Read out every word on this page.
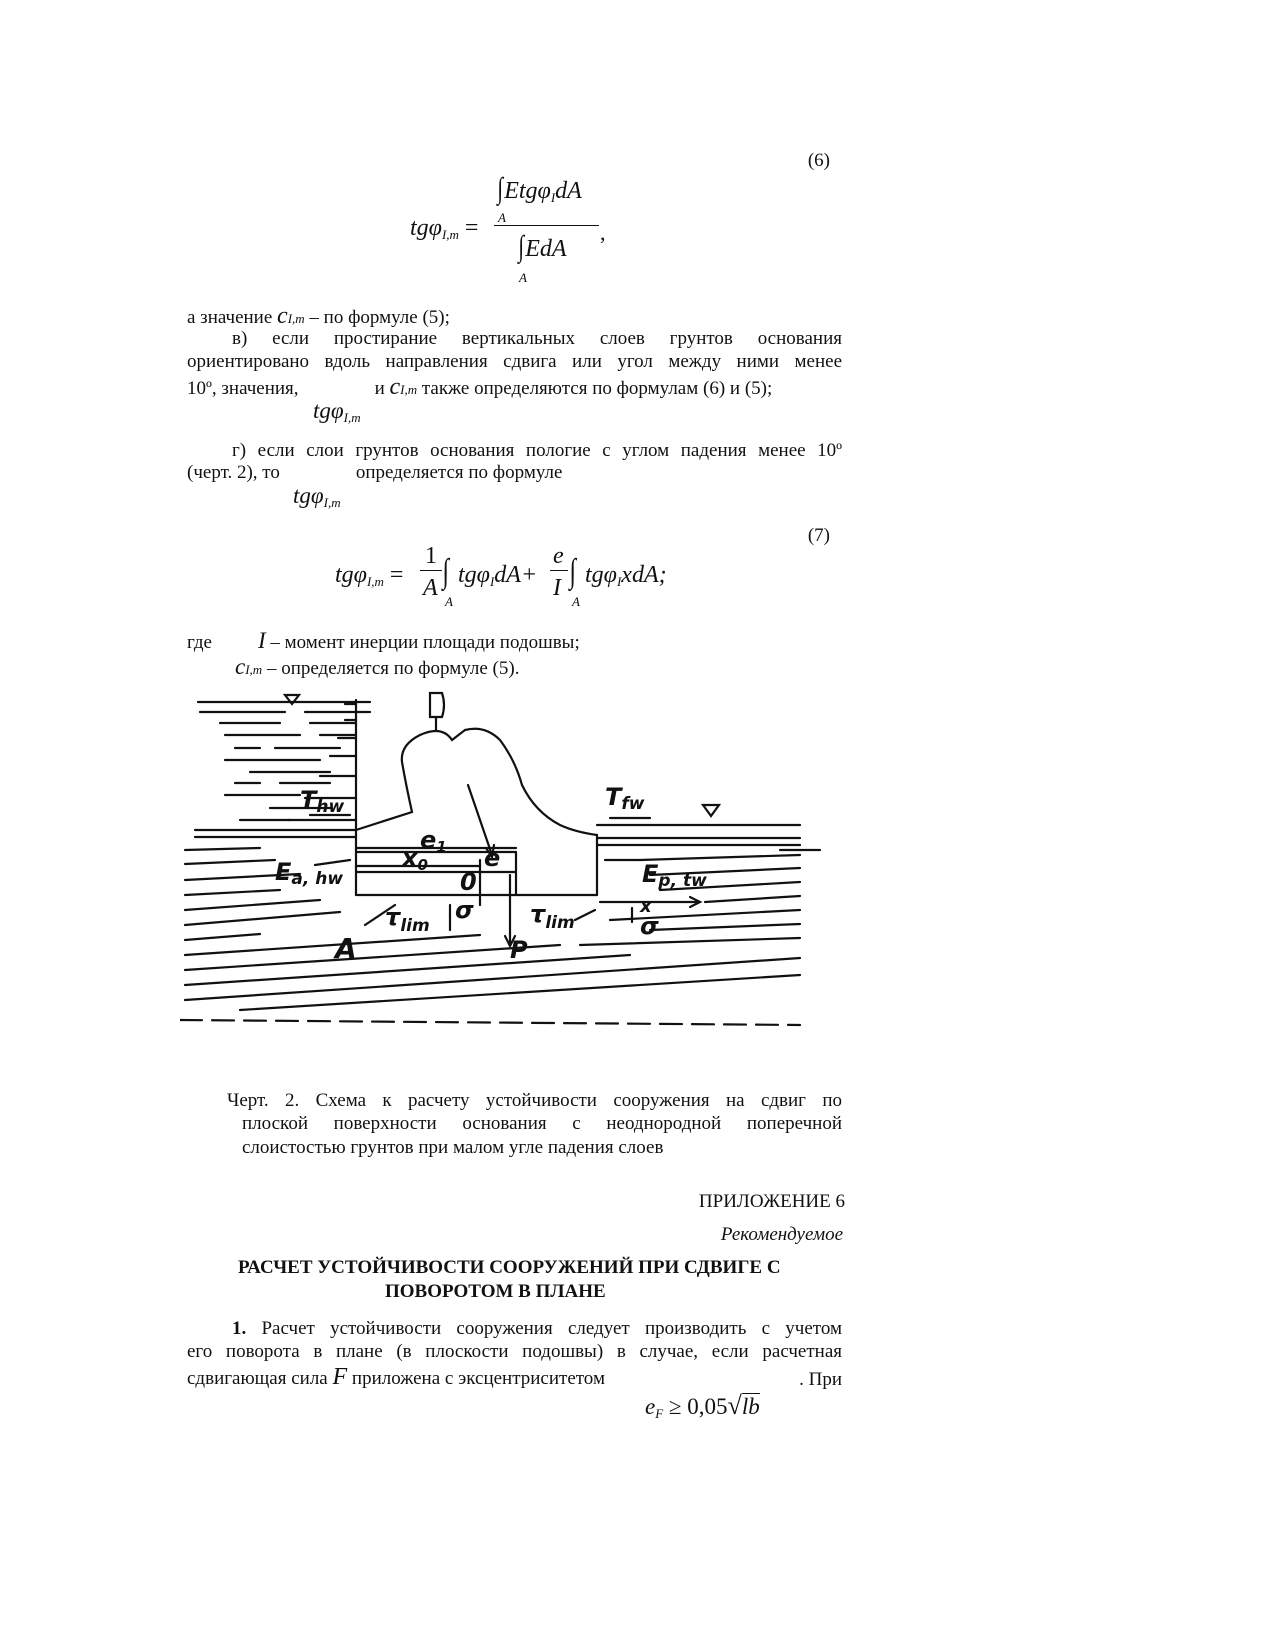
(6)
tgφ$_{I,m}$ =
∫Etgφ$_I$dA
A
,
∫EdA
A
а значение cI,m – по формуле (5);
в) если простирание вертикальных слоев грунтов основания
ориентировано вдоль направления сдвига или угол между ними менее
10º, значения,	и cI,m также определяются по формулам (6) и (5);
tgφ$_{I,m}$
г) если слои грунтов основания пологие с углом падения менее 10º
(черт. 2), то	определяется по формуле
tgφ$_{I,m}$
(7)
tgφ$_{I,m}$ =
1
A ∫
A
tgφ$_I$dA+
e
I ∫
A
tgφ$_I$xdA;
где I – момент инерции площади подошвы;
cI,m – определяется по формуле (5).
Thw	Tfw
e1
x0 e
0
Ea, hw	Ep, tw
$\tau_{lim}$
σ $\tau_{lim}$	σ
x
A	P
Черт. 2. Схема к расчету устойчивости сооружения на сдвиг по
плоской поверхности основания с неоднородной поперечной
слоистостью грунтов при малом угле падения слоев
ПРИЛОЖЕНИЕ 6
Рекомендуемое
РАСЧЕТ УСТОЙЧИВОСТИ СООРУЖЕНИЙ ПРИ СДВИГЕ С
ПОВОРОТОМ В ПЛАНЕ
1. Расчет устойчивости сооружения следует производить с учетом
его поворота в плане (в плоскости подошвы) в случае, если расчетная
сдвигающая сила F приложена с эксцентриситетом	. При
$e_F \ge 0,05√lb$
